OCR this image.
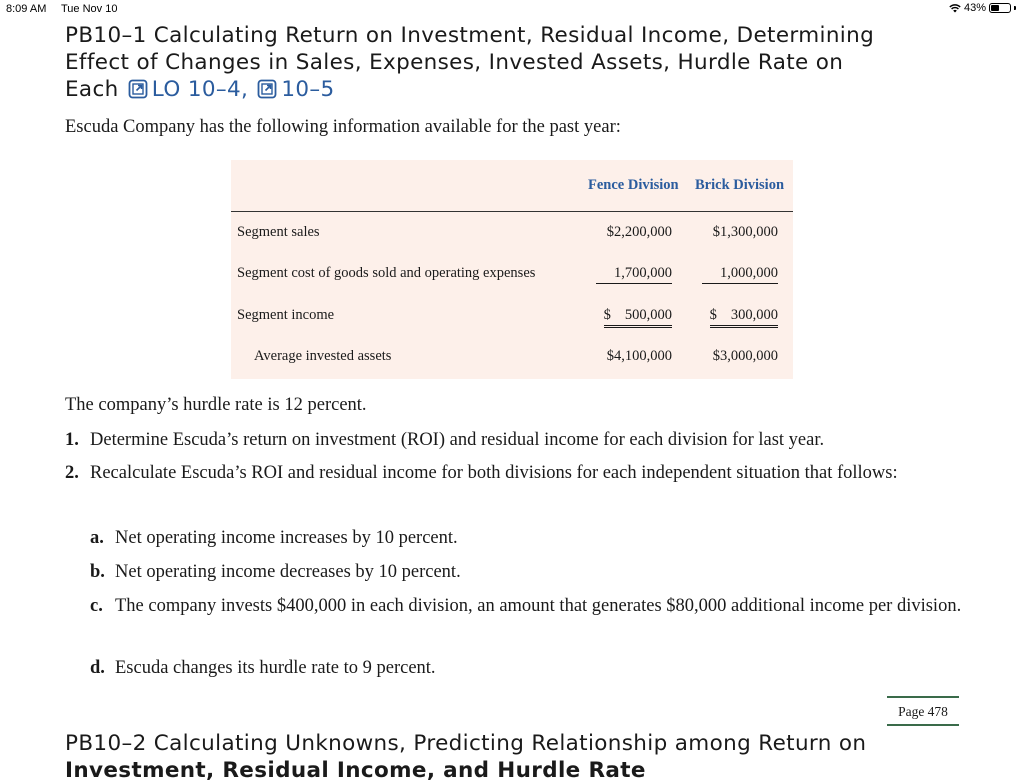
8:09 AM Tue Nov 10	43%
PB10–1 Calculating Return on Investment, Residual Income, Determining
Effect of Changes in Sales, Expenses, Invested Assets, Hurdle Rate on
Each LO 10–4, 10–5

Escuda Company has the following information available for the past year:

Fence Division Brick Division
Segment sales	$2,200,000	$1,300,000
Segment cost of goods sold and operating expenses	1,700,000	1,000,000
Segment income	$ 500,000	$ 300,000
Average invested assets	$4,100,000	$3,000,000

The company’s hurdle rate is 12 percent.

1. Determine Escuda’s return on investment (ROI) and residual income for each division for last year.
2. Recalculate Escuda’s ROI and residual income for both divisions for each independent situation that follows:
a. Net operating income increases by 10 percent.
b. Net operating income decreases by 10 percent.
c. The company invests $400,000 in each division, an amount that generates $80,000 additional income per division.
d. Escuda changes its hurdle rate to 9 percent.
Page 478
PB10–2 Calculating Unknowns, Predicting Relationship among Return on
Investment, Residual Income, and Hurdle Rate
